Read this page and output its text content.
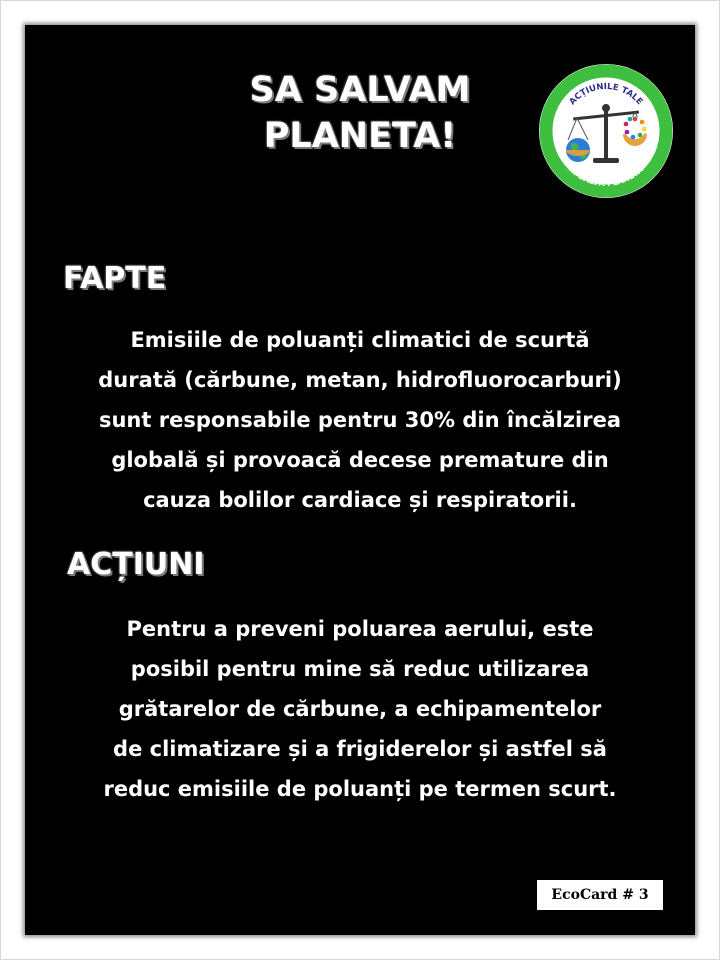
SA SALVAM
PLANETA!
ACȚIUNILE TALE
... SALVĂ PLANETA
FAPTE
Emisiile de poluanți climatici de scurtă
durată (cărbune, metan, hidrofluorocarburi)
sunt responsabile pentru 30% din încălzirea
globală și provoacă decese premature din
cauza bolilor cardiace și respiratorii.
ACȚIUNI
Pentru a preveni poluarea aerului, este
posibil pentru mine să reduc utilizarea
grătarelor de cărbune, a echipamentelor
de climatizare și a frigiderelor și astfel să
reduc emisiile de poluanți pe termen scurt.
EcoCard # 3
